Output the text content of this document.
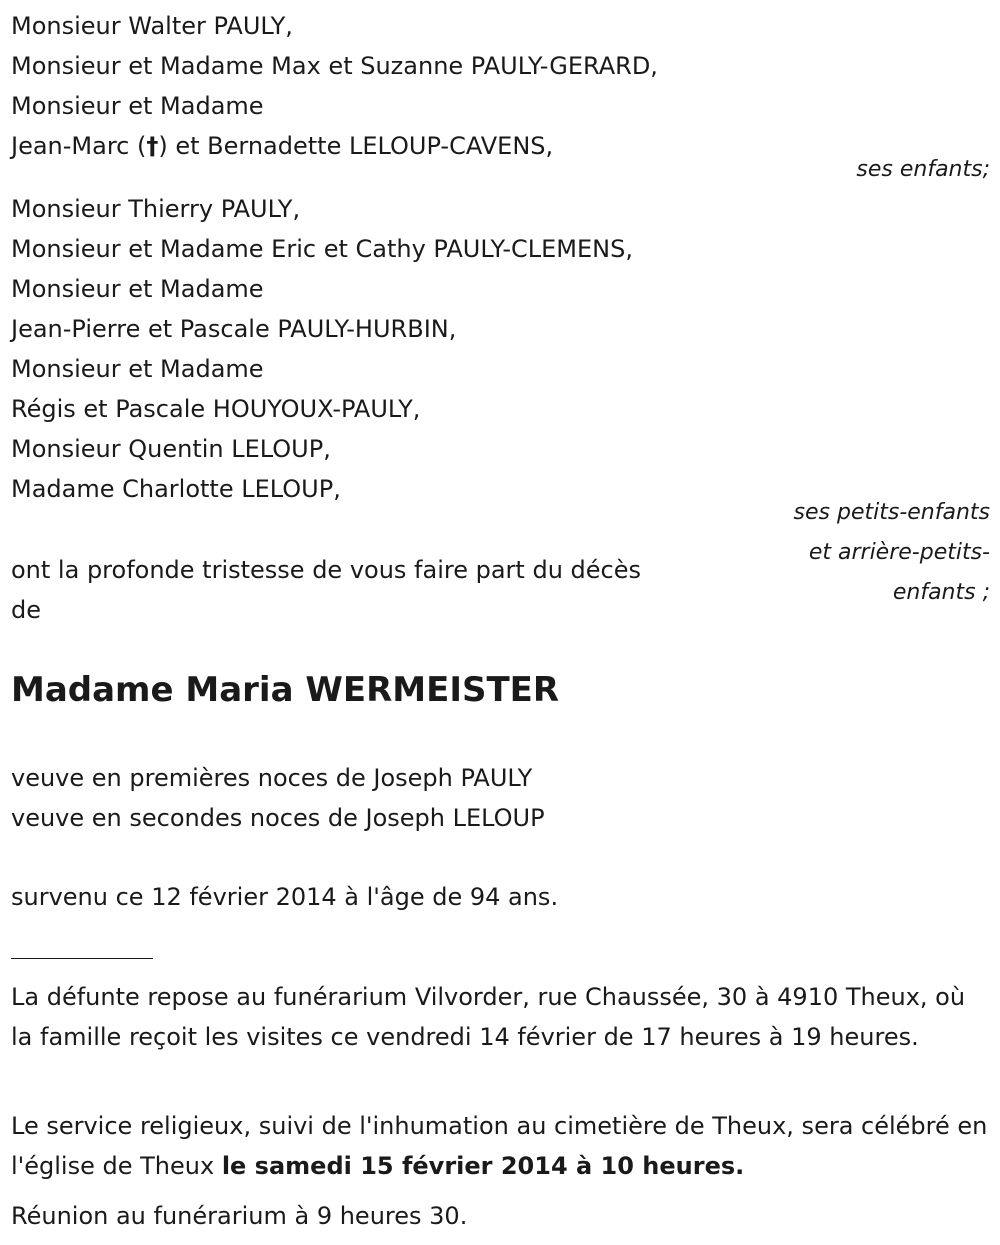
Monsieur Walter PAULY,

Monsieur et Madame Max et Suzanne PAULY-GERARD,

Monsieur et Madame

Jean-Marc (†) et Bernadette LELOUP-CAVENS,

ses enfants;

Monsieur Thierry PAULY,

Monsieur et Madame Eric et Cathy PAULY-CLEMENS,

Monsieur et Madame

Jean-Pierre et Pascale PAULY-HURBIN,

Monsieur et Madame

Régis et Pascale HOUYOUX-PAULY,

Monsieur Quentin LELOUP,

Madame Charlotte LELOUP,

ses petits-enfants

et arrière-petits-

enfants ;

ont la profonde tristesse de vous faire part du décès

de

Madame Maria WERMEISTER

veuve en premières noces de Joseph PAULY

veuve en secondes noces de Joseph LELOUP

survenu ce 12 février 2014 à l'âge de 94 ans.

La défunte repose au funérarium Vilvorder, rue Chaussée, 30 à 4910 Theux, où la famille reçoit les visites ce vendredi 14 février de 17 heures à 19 heures.

Le service religieux, suivi de l'inhumation au cimetière de Theux, sera célébré en l'église de Theux le samedi 15 février 2014 à 10 heures.

Réunion au funérarium à 9 heures 30.
